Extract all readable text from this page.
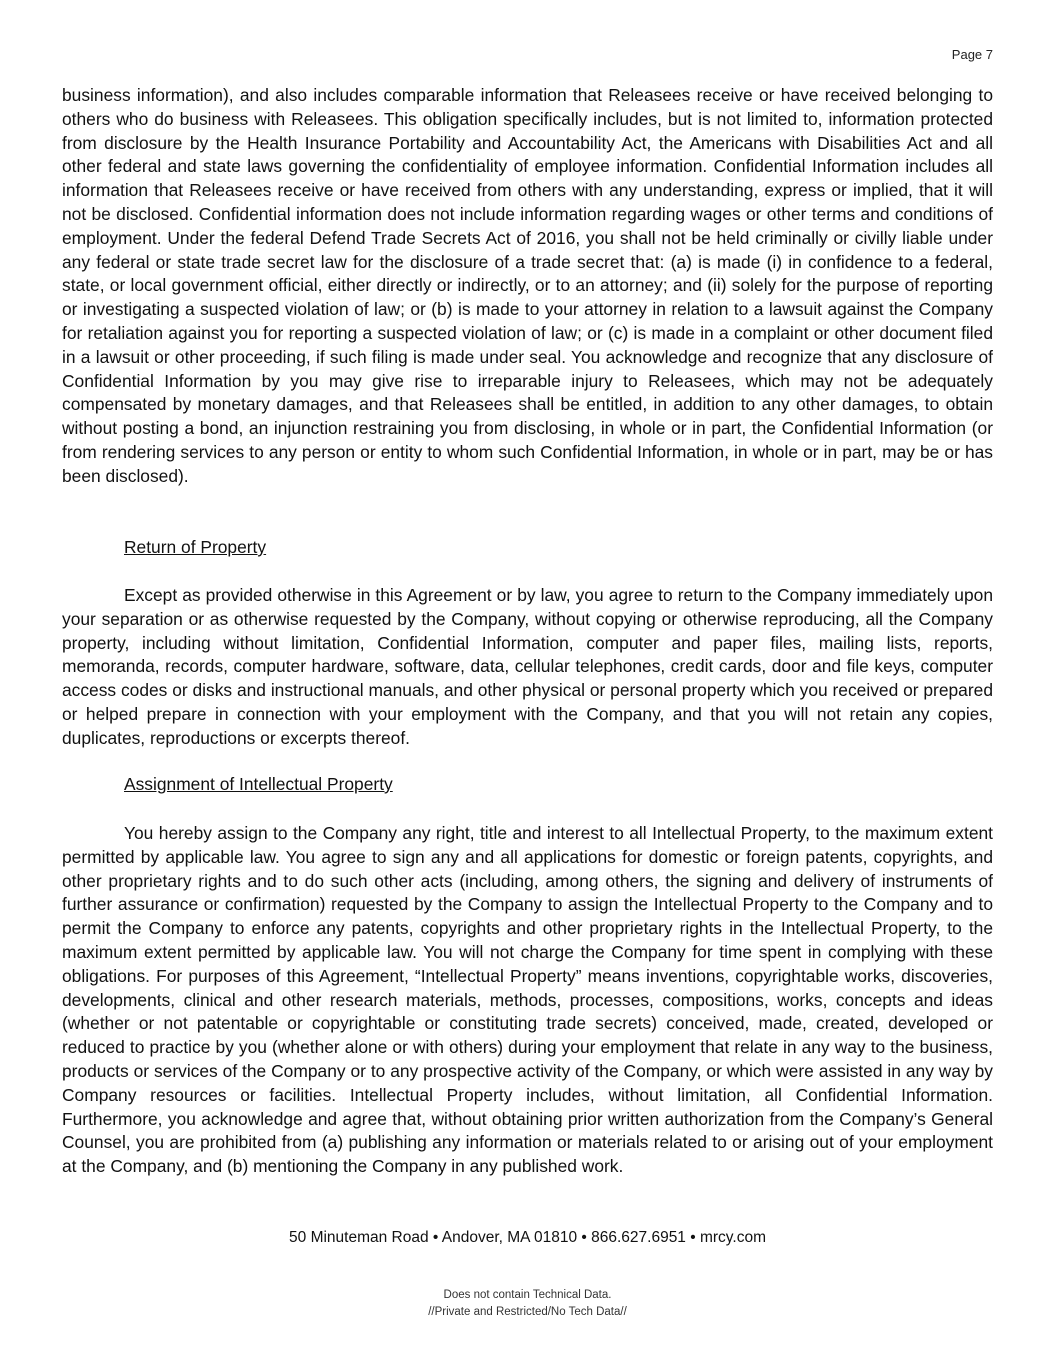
Page 7

business information), and also includes comparable information that Releasees receive or have received belonging to others who do business with Releasees. This obligation specifically includes, but is not limited to, information protected from disclosure by the Health Insurance Portability and Accountability Act, the Americans with Disabilities Act and all other federal and state laws governing the confidentiality of employee information. Confidential Information includes all information that Releasees receive or have received from others with any understanding, express or implied, that it will not be disclosed. Confidential information does not include information regarding wages or other terms and conditions of employment. Under the federal Defend Trade Secrets Act of 2016, you shall not be held criminally or civilly liable under any federal or state trade secret law for the disclosure of a trade secret that: (a) is made (i) in confidence to a federal, state, or local government official, either directly or indirectly, or to an attorney; and (ii) solely for the purpose of reporting or investigating a suspected violation of law; or (b) is made to your attorney in relation to a lawsuit against the Company for retaliation against you for reporting a suspected violation of law; or (c) is made in a complaint or other document filed in a lawsuit or other proceeding, if such filing is made under seal. You acknowledge and recognize that any disclosure of Confidential Information by you may give rise to irreparable injury to Releasees, which may not be adequately compensated by monetary damages, and that Releasees shall be entitled, in addition to any other damages, to obtain without posting a bond, an injunction restraining you from disclosing, in whole or in part, the Confidential Information (or from rendering services to any person or entity to whom such Confidential Information, in whole or in part, may be or has been disclosed).

Return of Property

Except as provided otherwise in this Agreement or by law, you agree to return to the Company immediately upon your separation or as otherwise requested by the Company, without copying or otherwise reproducing, all the Company property, including without limitation, Confidential Information, computer and paper files, mailing lists, reports, memoranda, records, computer hardware, software, data, cellular telephones, credit cards, door and file keys, computer access codes or disks and instructional manuals, and other physical or personal property which you received or prepared or helped prepare in connection with your employment with the Company, and that you will not retain any copies, duplicates, reproductions or excerpts thereof.

Assignment of Intellectual Property

You hereby assign to the Company any right, title and interest to all Intellectual Property, to the maximum extent permitted by applicable law. You agree to sign any and all applications for domestic or foreign patents, copyrights, and other proprietary rights and to do such other acts (including, among others, the signing and delivery of instruments of further assurance or confirmation) requested by the Company to assign the Intellectual Property to the Company and to permit the Company to enforce any patents, copyrights and other proprietary rights in the Intellectual Property, to the maximum extent permitted by applicable law. You will not charge the Company for time spent in complying with these obligations. For purposes of this Agreement, “Intellectual Property” means inventions, copyrightable works, discoveries, developments, clinical and other research materials, methods, processes, compositions, works, concepts and ideas (whether or not patentable or copyrightable or constituting trade secrets) conceived, made, created, developed or reduced to practice by you (whether alone or with others) during your employment that relate in any way to the business, products or services of the Company or to any prospective activity of the Company, or which were assisted in any way by Company resources or facilities. Intellectual Property includes, without limitation, all Confidential Information. Furthermore, you acknowledge and agree that, without obtaining prior written authorization from the Company’s General Counsel, you are prohibited from (a) publishing any information or materials related to or arising out of your employment at the Company, and (b) mentioning the Company in any published work.

50 Minuteman Road • Andover, MA 01810 • 866.627.6951 • mrcy.com
Does not contain Technical Data.
//Private and Restricted/No Tech Data//
